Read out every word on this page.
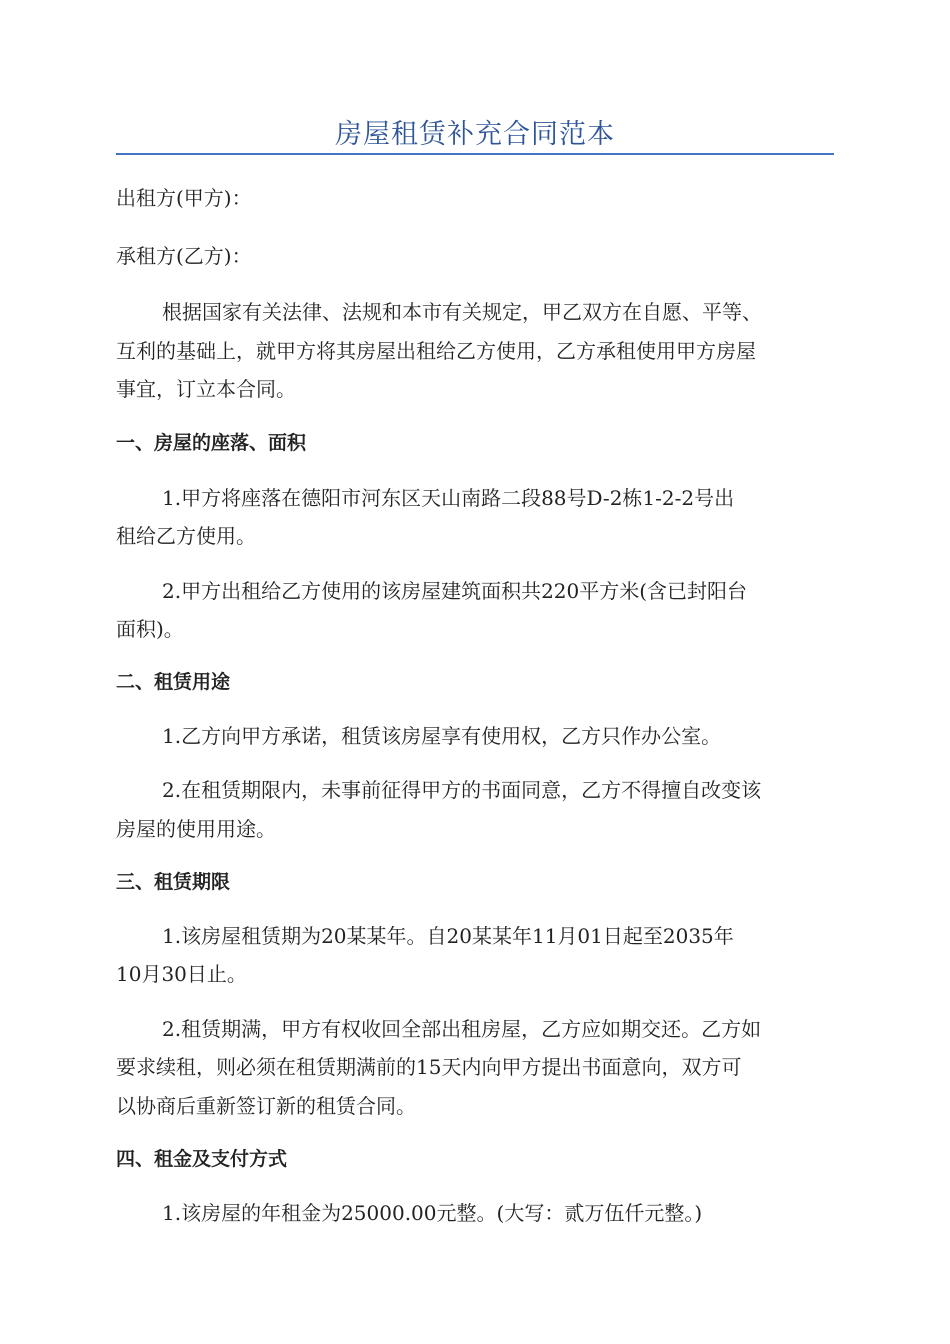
房屋租赁补充合同范本
出租方(甲方)：
承租方(乙方)：
根据国家有关法律、法规和本市有关规定，甲乙双方在自愿、平等、
互利的基础上，就甲方将其房屋出租给乙方使用，乙方承租使用甲方房屋
事宜，订立本合同。
一、房屋的座落、面积
1.甲方将座落在德阳市河东区天山南路二段88号D-2栋1-2-2号出
租给乙方使用。
2.甲方出租给乙方使用的该房屋建筑面积共220平方米(含已封阳台
面积)。
二、租赁用途
1.乙方向甲方承诺，租赁该房屋享有使用权，乙方只作办公室。
2.在租赁期限内，未事前征得甲方的书面同意，乙方不得擅自改变该
房屋的使用用途。
三、租赁期限
1.该房屋租赁期为20某某年。自20某某年11月01日起至2035年
10月30日止。
2.租赁期满，甲方有权收回全部出租房屋，乙方应如期交还。乙方如
要求续租，则必须在租赁期满前的15天内向甲方提出书面意向，双方可
以协商后重新签订新的租赁合同。
四、租金及支付方式
1.该房屋的年租金为25000.00元整。(大写：贰万伍仟元整。)
